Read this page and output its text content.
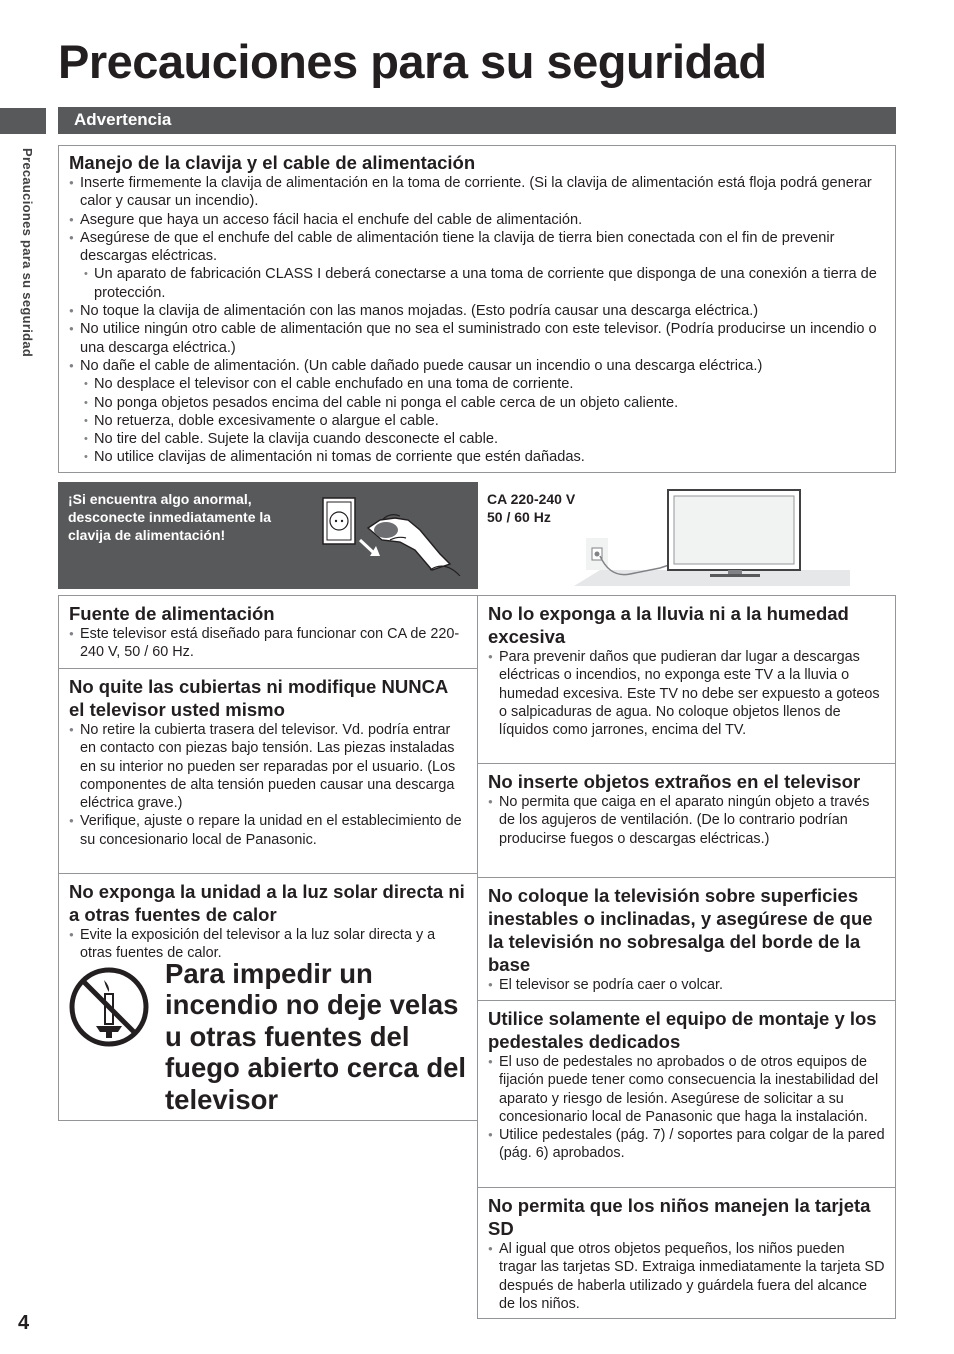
Precauciones para su seguridad
Precauciones para su seguridad
Advertencia
Manejo de la clavija y el cable de alimentación
● Inserte firmemente la clavija de alimentación en la toma de corriente. (Si la clavija de alimentación está floja podrá generar calor y causar un incendio).
● Asegure que haya un acceso fácil hacia el enchufe del cable de alimentación.
● Asegúrese de que el enchufe del cable de alimentación tiene la clavija de tierra bien conectada con el fin de prevenir descargas eléctricas.
• Un aparato de fabricación CLASS I deberá conectarse a una toma de corriente que disponga de una conexión a tierra de protección.
● No toque la clavija de alimentación con las manos mojadas. (Esto podría causar una descarga eléctrica.)
● No utilice ningún otro cable de alimentación que no sea el suministrado con este televisor. (Podría producirse un incendio o una descarga eléctrica.)
● No dañe el cable de alimentación. (Un cable dañado puede causar un incendio o una descarga eléctrica.)
• No desplace el televisor con el cable enchufado en una toma de corriente.
• No ponga objetos pesados encima del cable ni ponga el cable cerca de un objeto caliente.
• No retuerza, doble excesivamente o alargue el cable.
• No tire del cable. Sujete la clavija cuando desconecte el cable.
• No utilice clavijas de alimentación ni tomas de corriente que estén dañadas.
¡Si encuentra algo anormal, desconecte inmediatamente la clavija de alimentación!
CA 220-240 V
50 / 60 Hz
Fuente de alimentación
● Este televisor está diseñado para funcionar con CA de 220-240 V, 50 / 60 Hz.
No quite las cubiertas ni modifique NUNCA el televisor usted mismo
● No retire la cubierta trasera del televisor. Vd. podría entrar en contacto con piezas bajo tensión. Las piezas instaladas en su interior no pueden ser reparadas por el usuario. (Los componentes de alta tensión pueden causar una descarga eléctrica grave.)
● Verifique, ajuste o repare la unidad en el establecimiento de su concesionario local de Panasonic.
No exponga la unidad a la luz solar directa ni a otras fuentes de calor
● Evite la exposición del televisor a la luz solar directa y a otras fuentes de calor.
Para impedir un incendio no deje velas u otras fuentes del fuego abierto cerca del televisor
No lo exponga a la lluvia ni a la humedad excesiva
● Para prevenir daños que pudieran dar lugar a descargas eléctricas o incendios, no exponga este TV a la lluvia o humedad excesiva. Este TV no debe ser expuesto a goteos o salpicaduras de agua. No coloque objetos llenos de líquidos como jarrones, encima del TV.
No inserte objetos extraños en el televisor
● No permita que caiga en el aparato ningún objeto a través de los agujeros de ventilación. (De lo contrario podrían producirse fuegos o descargas eléctricas.)
No coloque la televisión sobre superficies inestables o inclinadas, y asegúrese de que la televisión no sobresalga del borde de la base
● El televisor se podría caer o volcar.
Utilice solamente el equipo de montaje y los pedestales dedicados
● El uso de pedestales no aprobados o de otros equipos de fijación puede tener como consecuencia la inestabilidad del aparato y riesgo de lesión. Asegúrese de solicitar a su concesionario local de Panasonic que haga la instalación.
● Utilice pedestales (pág. 7) / soportes para colgar de la pared (pág. 6) aprobados.
No permita que los niños manejen la tarjeta SD
● Al igual que otros objetos pequeños, los niños pueden tragar las tarjetas SD. Extraiga inmediatamente la tarjeta SD después de haberla utilizado y guárdela fuera del alcance de los niños.
4
